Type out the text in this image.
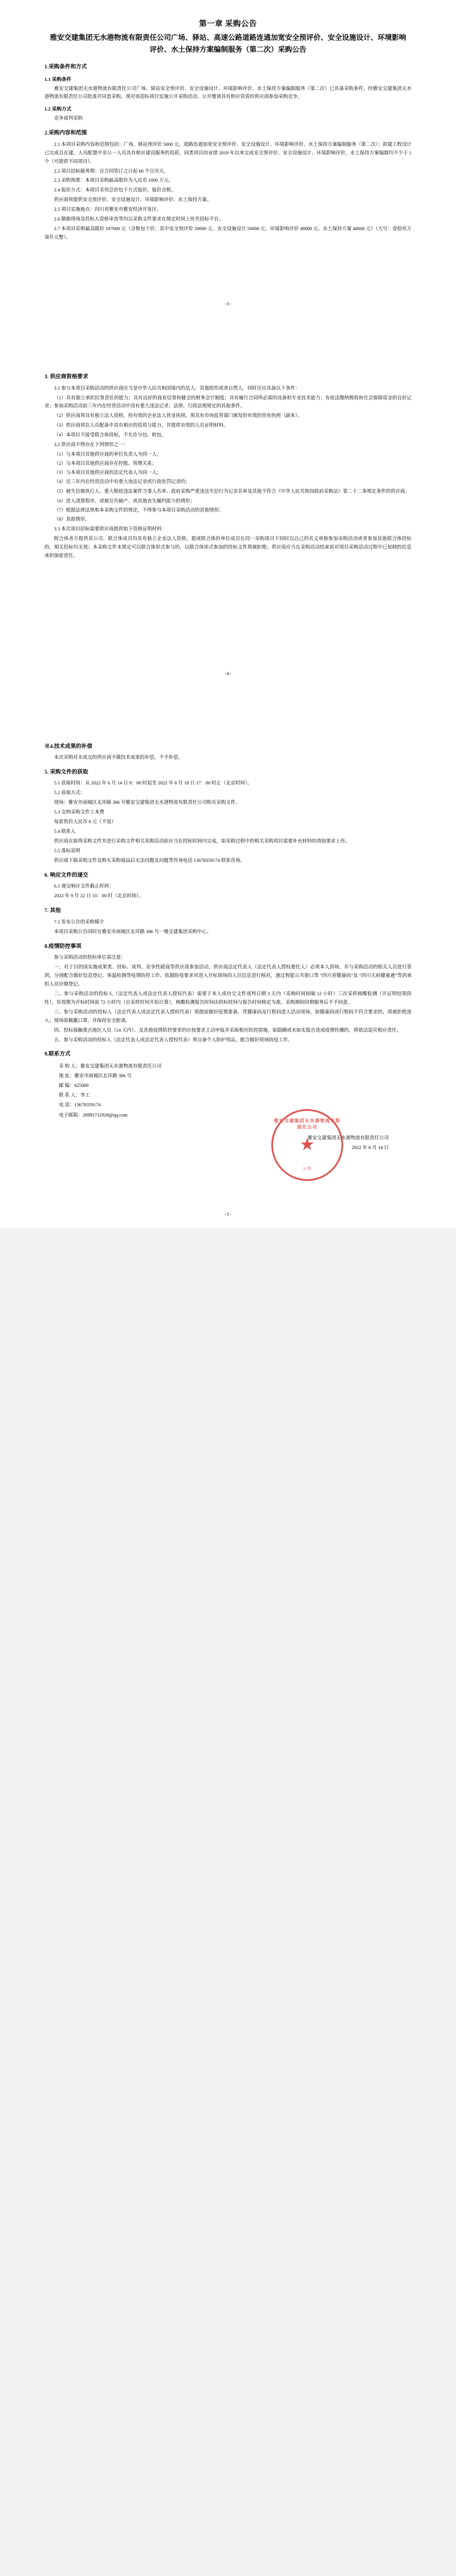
第一章 采购公告
雅安交建集团无水港物流有限责任公司广场、驿站、高速公路道路连通加宽安全预评价、安全设施设计、环境影响评价、水土保持方案编制服务（第二次）采购公告
1.采购条件和方式
1.1 采购条件

雅安交建集团无水港物流有限责任公司广场、驿站安全预评价、安全设施设计、环境影响评价、水土保持方案编制服务（第二次）已具备采购条件，经雅安交建集团无水港物流有限责任公司批准并同意采购，现对该招标项目实施公开采购活动，公开邀请具有相应资质的供应商参加采购竞争。

1.2 采购方式

竞争谈判采购

2.采购内容和范围

2.1 本项目采购内容和范围包括：广场、驿站预评价 5000 元，道路连通加宽安全预评价、安全设施设计、环境影响评价、水土保持方案编制服务（第二次）；拟建工程设计已完成且在建，人员配置中非公一人员具有相应建设服务的资质，同类项目的业绩 2019 年以来完成安全预评价、安全设施设计、环境影响评价、水土保持方案编制均不少于 1 个（可提供不同项目）。

2.2 项目招标服务期：自合同签订之日起 60 个日历天。

2.3 采购预算：本项目采购最高限价为人民币 1000 万元。

2.4 报价方式：本项目采用总价包干方式报价，报价含税。

供应商须提供安全预评价、安全设施设计、环境影响评价、水土保持方案。

2.5 项目实施地点：四川省雅安市雅安经济开发区。

2.6 踏勘现场及投标人资格审查等均以采购文件要求在规定时间上传至招标平台。

2.7 本项目采购最高限价 197000 元（含税包干价，其中安全预评价 50000 元、安全设施设计 50000 元、环境影响评价 49000 元、水土保持方案 48000 元）（大写：壹拾玖万柒仟元整）。

-3-
3. 供应商资格要求

3.1 参与本项目采购活动的供应商应当是中华人民共和国境内的法人、其他组织或者自然人，同时还应具备以下条件：

（1）具有独立承担民事责任的能力；具有良好的商业信誉和健全的财务会计制度；具有履行合同所必需的设备和专业技术能力；有依法缴纳税收和社会保障资金的良好记录；参加采购活动前三年内在经营活动中没有重大违法记录；法律、行政法规规定的其他条件。

（2）供应商须具有独立法人资格，持有效的企业法人营业执照，须具有市场监管部门颁发的有效的营业执照（副本）。

（3）供应商须在人员配备中具有相应的资质与能力，并提供有效的人员证明材料。

（4）本项目不接受联合体投标，不允许分包、转包。

3.2 供应商不得存在下列情形之一：

（1）与本项目其他供应商的单位负责人为同一人；

（2）与本项目其他供应商存在控股、管理关系；

（3）与本项目其他供应商的法定代表人为同一人；

（4）近三年内在经营活动中有重大违法记录或行政处罚记录的；

（5）被失信被执行人、重大税收违法案件当事人名单、政府采购严重违法失信行为记录名单及其他不符合《中华人民共和国政府采购法》第二十二条规定条件的供应商；

（6）进入清算程序、或被宣告破产、或其他丧失履约能力的情形；

（7）根据法律法规和本采购文件的规定，不得参与本项目采购活动的其他情形；

（8）其他情形。

3.3 本次项目招标需要供应商提供如下资格证明材料：

附合体各方提供其公司、联合体成员均具有独立企业法人资格，提或联合体的单位成员在同一采购项目下同时以自己的名义单独参加采购活动或者参加其他联合体投标的，相关投标均无效；本采购文件未规定可以联合体形式参与的，以联合体形式参加的投标文件将被拒绝；供应商应当在采购活动结束前对项目采购活动过程中已知晓的信息承担保密责任。

-4-
※4.技术成果的补偿

本次采购对未成交的供应商不做技术成果的补偿，不予补偿。

5. 采购文件的获取

5.1 获取时间：从 2022 年 6 月 14 日 9：00 时起至 2022 年 6 月 18 日 17：00 时止（北京时间）。

5.2 获取方式：

现场：雅安市雨城区北环路 306 号雅安交建集团无水港物流有限责任公司购买采购文件。

5.3 交纳采购文件工本费

每套售价人民币 0 元（不退）

5.4 联系人

供应商在取得采购文件并进行采购文件相关采购活动前应当在投标时间内完成，如采购过程中的相关采购项目需要补充材料的请按要求上传。

5.5 落标说明

供应商下载采购文件及购买采购商品后无法问题及问题等咨询电话 13678359174 联系咨询。

6. 响应文件的递交

6.1 递交响应文件截止时间：

2022 年 9 月 22 日 10：00 时（北京时间）。

7. 其他

7.1 发布公告的采购媒介

本项目采购公告同时在雅安市雨城区北环路 306 号一楼交建集团采购中心。

8.疫情防控事项

参与采购活动的投标单位需注意：

一、对于目的国实施成果类、投标、谈判、竞争性磋商等供应商参加活动，供应商法定代表人（法定代表人授权委托人）必须本人到场，并与采购活动的相关人员进行签到，分别配合做好信息登记、体温检测等疫情防控工作。依据防疫要求对进入开标现场的人员信息进行核对，通过智能公共窗口等 “四川省健康码”及 “四川天府健康通”等到承担人员应做登记。

二、参与采购活动的投标人（法定代表人或法定代表人授权代表）需要于本人成功交文件谈判日期 3 天内（采购时间间隔 12 小时）三次采样核酸检测（开证明结果阴性），有效期为开标时间前 72 小时内（自采样时间开始计算），核酸检测报告时间由投标时间与报告时间核定为准，采购期间同期服务后不予同意。

三、参与采购活动的投标人（法定代表人或法定代表人授权代表）须提前做好疫情准备，凭健康码及行程码进入活动现场，如健康码或行程码不符合要求的，将被拒绝进入；现场需佩戴口罩，并保持安全距离。

四、投标接触重点地区人员（14 天内）、及其他疫情防控要求的应按要求主动申报并采取相应防控措施，如隐瞒或未如实报告造成疫情传播的，将依法追究相应责任。

五、参与采购活动的投标人（法定代表人或法定代表人授权代表）须自备个人防护用品，配合做好现场防疫工作。

9.联系方式

采 购 人：雅安交建集团无水港物流有限责任公司

地 址：雅安市雨城区北环路 306 号

邮 编：625000

联 系 人：李工

电 话：13678359174

电子邮箱：20991712928@qq.com

雅安交建集团无水港物流有限责任公司

2022 年 6 月 14 日

雅安交建集团无水港物流有限责任公司
★
公章
-5-
